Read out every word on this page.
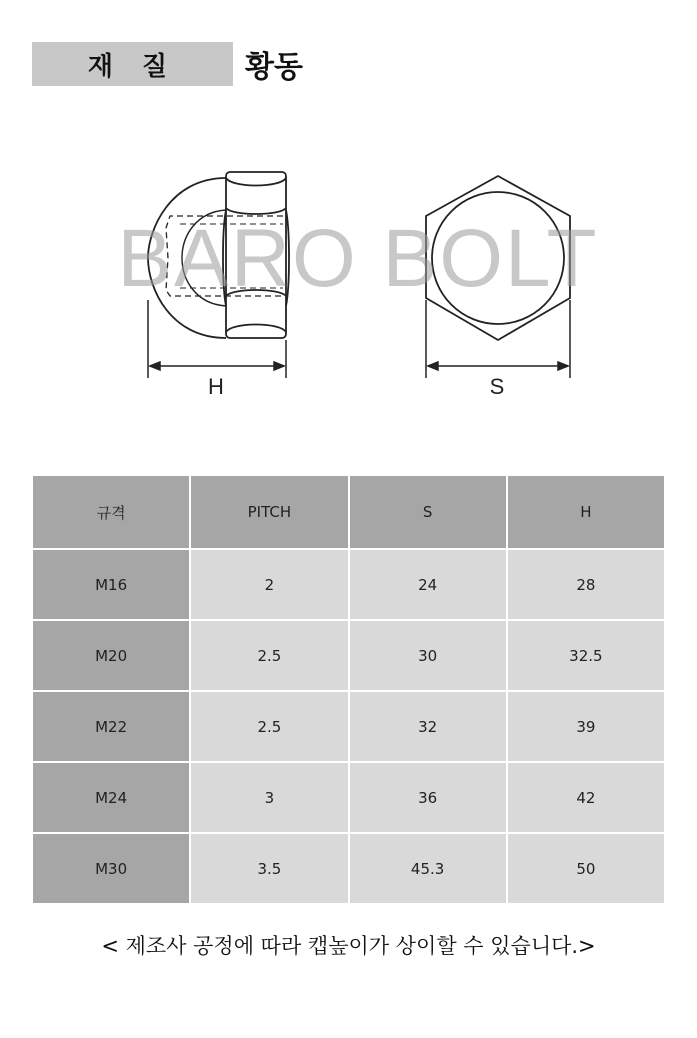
재 질	황동
H	S
BARO BOLT
규격	PITCH	S	H
M16	2	24	28
M20	2.5	30	32.5
M22	2.5	32	39
M24	3	36	42
M30	3.5	45.3	50
< 제조사 공정에 따라 캡높이가 상이할 수 있습니다.>
